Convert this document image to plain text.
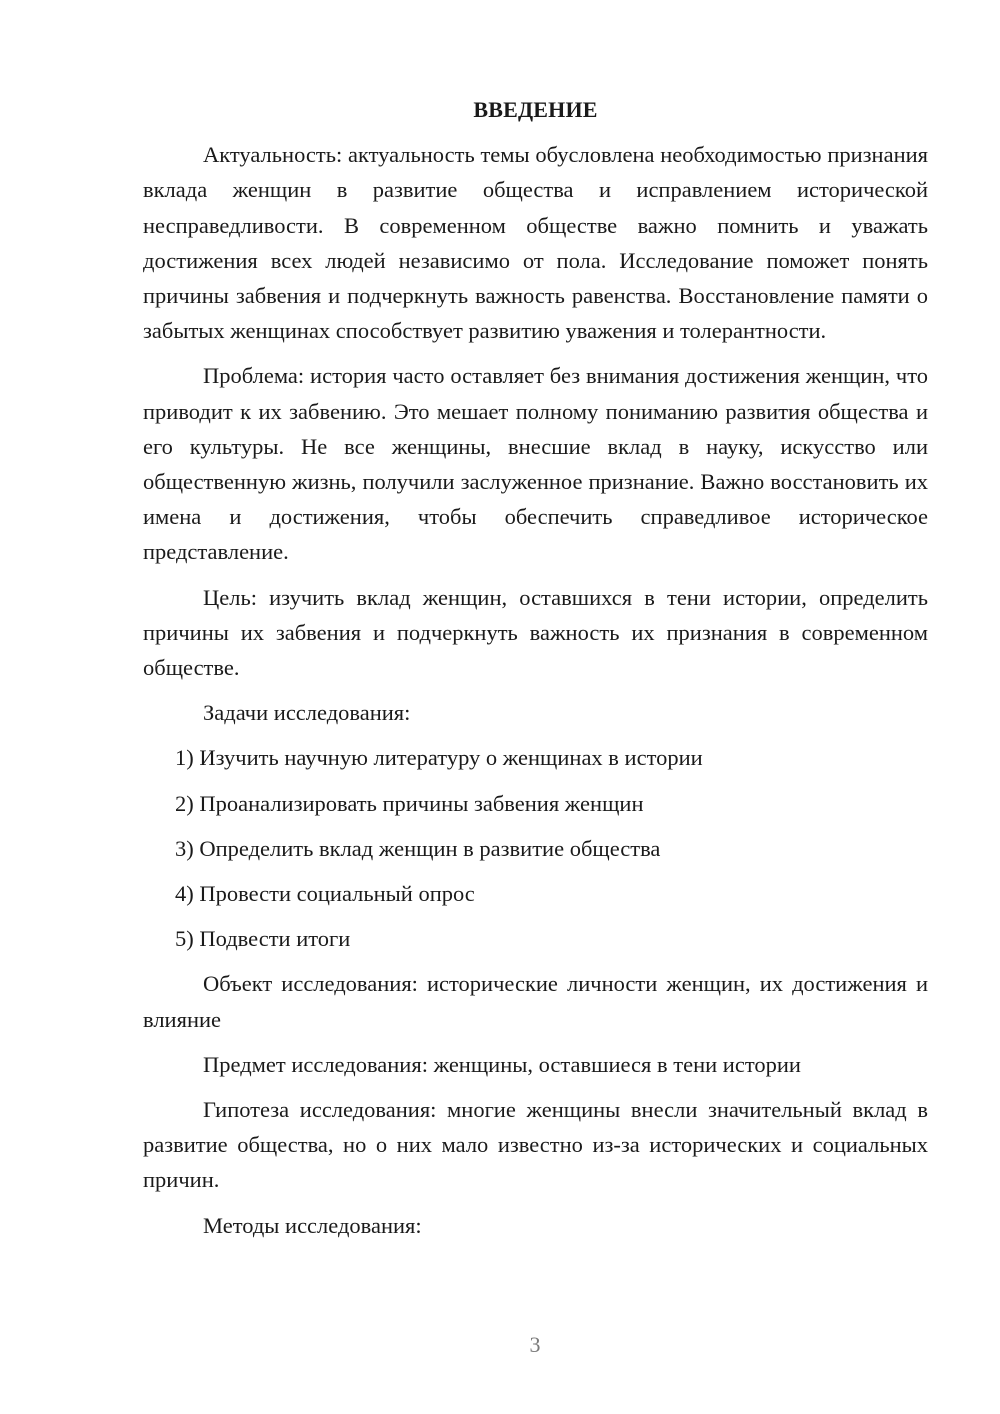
ВВЕДЕНИЕ

Актуальность: актуальность темы обусловлена необходимостью признания вклада женщин в развитие общества и исправлением исторической несправедливости. В современном обществе важно помнить и уважать достижения всех людей независимо от пола. Исследование поможет понять причины забвения и подчеркнуть важность равенства. Восстановление памяти о забытых женщинах способствует развитию уважения и толерантности.

Проблема: история часто оставляет без внимания достижения женщин, что приводит к их забвению. Это мешает полному пониманию развития общества и его культуры. Не все женщины, внесшие вклад в науку, искусство или общественную жизнь, получили заслуженное признание. Важно восстановить их имена и достижения, чтобы обеспечить справедливое историческое представление.

Цель: изучить вклад женщин, оставшихся в тени истории, определить причины их забвения и подчеркнуть важность их признания в современном обществе.

Задачи исследования:

1) Изучить научную литературу о женщинах в истории
2) Проанализировать причины забвения женщин
3) Определить вклад женщин в развитие общества
4) Провести социальный опрос
5) Подвести итоги

Объект исследования: исторические личности женщин, их достижения и влияние

Предмет исследования: женщины, оставшиеся в тени истории

Гипотеза исследования: многие женщины внесли значительный вклад в развитие общества, но о них мало известно из-за исторических и социальных причин.

Методы исследования:

3
